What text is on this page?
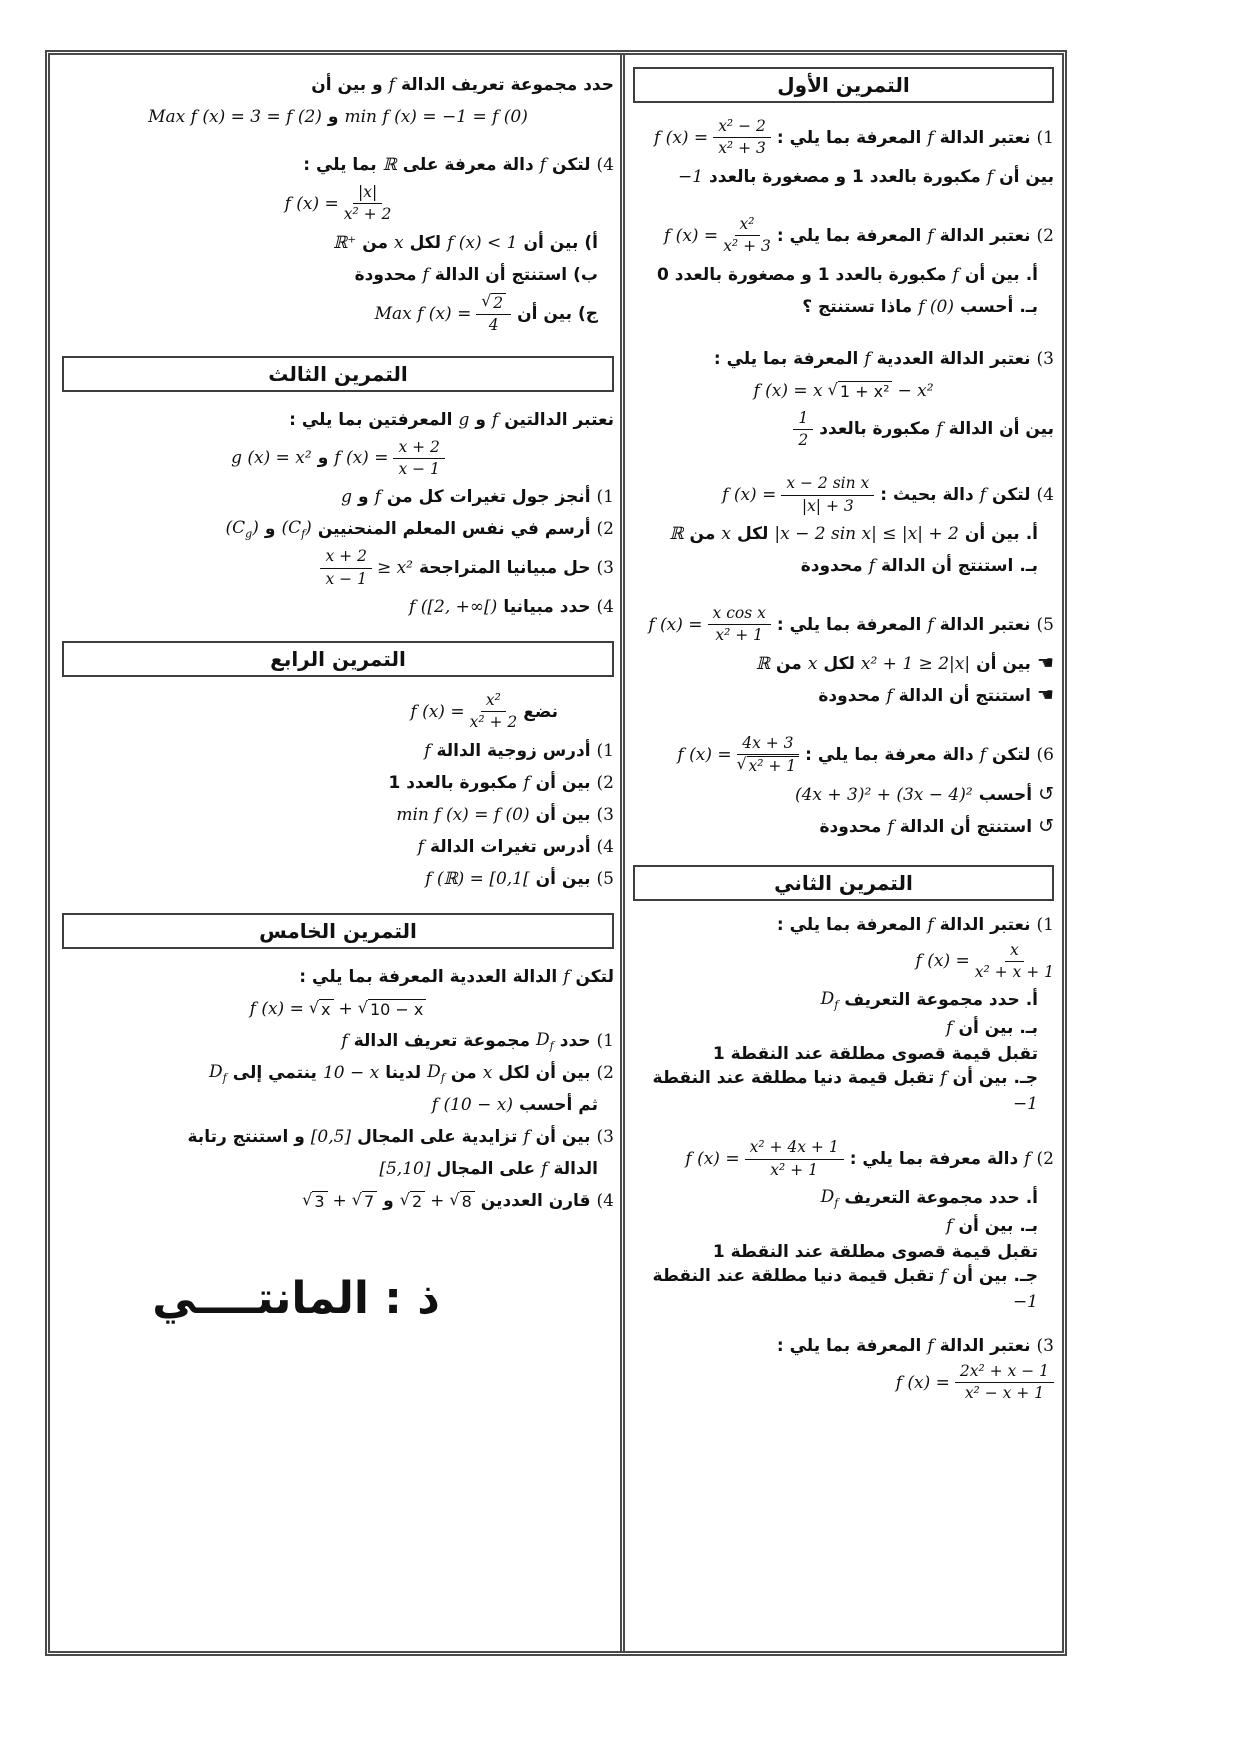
حدد مجموعة تعريف الدالة
f
و بين أن
min f (x) = −1 = f (0)
و
Max f (x) = 3 = f (2)
4)
لتكن
f
دالة معرفة على
ℝ
بما يلي :
f $(x) = \frac{|x|}{\text{x² + 2}}$
أ)
بين أن
f (x) < 1
لكل
x
من
ℝ⁺
ب)
استنتج أن الدالة
f
محدودة
ج)
بين أن
Max f $(x) = \frac{√ 2}{4}$
التمرين الثالث
نعتبر الدالتين
f
و
g
المعرفتين بما يلي :
f $(x) = \frac{x + 2}{x - 1}$
و
g (x) = x²
1)
أنجز جول تغيرات كل من
f
و
g
2)
أرسم في نفس المعلم المنحنيين
$(C_f)$
و
$(C_g)$
3)
حل مبيانيا المتراجحة
$\frac{x + 2}{x - 1} \ge x^2$
4)
حدد مبيانيا
f ([2, +∞[)
التمرين الرابع
نضع
f $(x) = \frac{\text{x²}}{\text{x² + 2}}$
1)
أدرس زوجية الدالة
f
2)
بين أن
f
مكبورة بالعدد 1
3)
بين أن
min f (x) = f (0)
4)
أدرس تغيرات الدالة
f
5)
بين أن
f (ℝ) = [0,1[
التمرين الخامس
لتكن
f
الدالة العددية المعرفة بما يلي :
f (x) = √ x + √ 10 − x
1)
حدد
$D_f$
مجموعة تعريف الدالة
f
2)
بين أن لكل
x
من
$D_f$
لدينا
10 − x
ينتمي إلى
$D_f$
ثم أحسب
f (10 − x)
3)
بين أن
f
تزايدية على المجال
[0,5]
و استنتج رتابة
الدالة
f
على المجال
[5,10]
4)
قارن العددين
√ 2 + √ 8
و
√ 3 + √ 7
ذ : المانتــــي
التمرين الأول
1)
نعتبر الدالة
f
المعرفة بما يلي :
f $(x) = \frac{\text{x² − 2}}{\text{x² + 3}}$
بين أن
f
مكبورة بالعدد 1 و مصغورة بالعدد
−1
2)
نعتبر الدالة
f
المعرفة بما يلي :
f $(x) = \frac{\text{x²}}{\text{x² + 3}}$
أ.
بين أن
f
مكبورة بالعدد 1 و مصغورة بالعدد 0
بـ.
أحسب
f (0)
ماذا تستنتج ؟
3)
نعتبر الدالة العددية
f
المعرفة بما يلي :
f (x) = x √ 1 + x² − x²
بين أن الدالة
f
مكبورة بالعدد
$\frac{1}{2}$
4)
لتكن
f
دالة بحيث :
f $(x) = \frac{\text{x − 2 sin x}}{|x| + 3}$
أ.
بين أن
|x − 2 sin x| ≤ |x| + 2
لكل
x
من
ℝ
بـ.
استنتج أن الدالة
f
محدودة
5)
نعتبر الدالة
f
المعرفة بما يلي :
f $(x) = \frac{\text{x cos x}}{\text{x² + 1}}$
☚
بين أن
x² + 1 ≥ 2|x|
لكل
x
من
ℝ
☚
استنتج أن الدالة
f
محدودة
6)
لتكن
f
دالة معرفة بما يلي :
f $(x) = \frac{4x + 3}{\text{√ x² + 1}}$
↺
أحسب
(4x + 3)² + (3x − 4)²
↺
استنتج أن الدالة
f
محدودة
التمرين الثاني
1)
نعتبر الدالة
f
المعرفة بما يلي :
f $(x) = \frac{x}{\text{x² + x + 1}}$
أ.
حدد مجموعة التعريف
$D_f$
بـ.
بين أن
f
تقبل قيمة قصوى مطلقة عند النقطة 1
جـ.
بين أن
f
تقبل قيمة دنيا مطلقة عند النقطة
−1
2)
f
دالة معرفة بما يلي :
f $(x) = \frac{\text{x² + 4x + 1}}{\text{x² + 1}}$
أ.
حدد مجموعة التعريف
$D_f$
بـ.
بين أن
f
تقبل قيمة قصوى مطلقة عند النقطة 1
جـ.
بين أن
f
تقبل قيمة دنيا مطلقة عند النقطة
−1
3)
نعتبر الدالة
f
المعرفة بما يلي :
f $(x) = \frac{\text{2x² + x − 1}}{\text{x² − x + 1}}$
